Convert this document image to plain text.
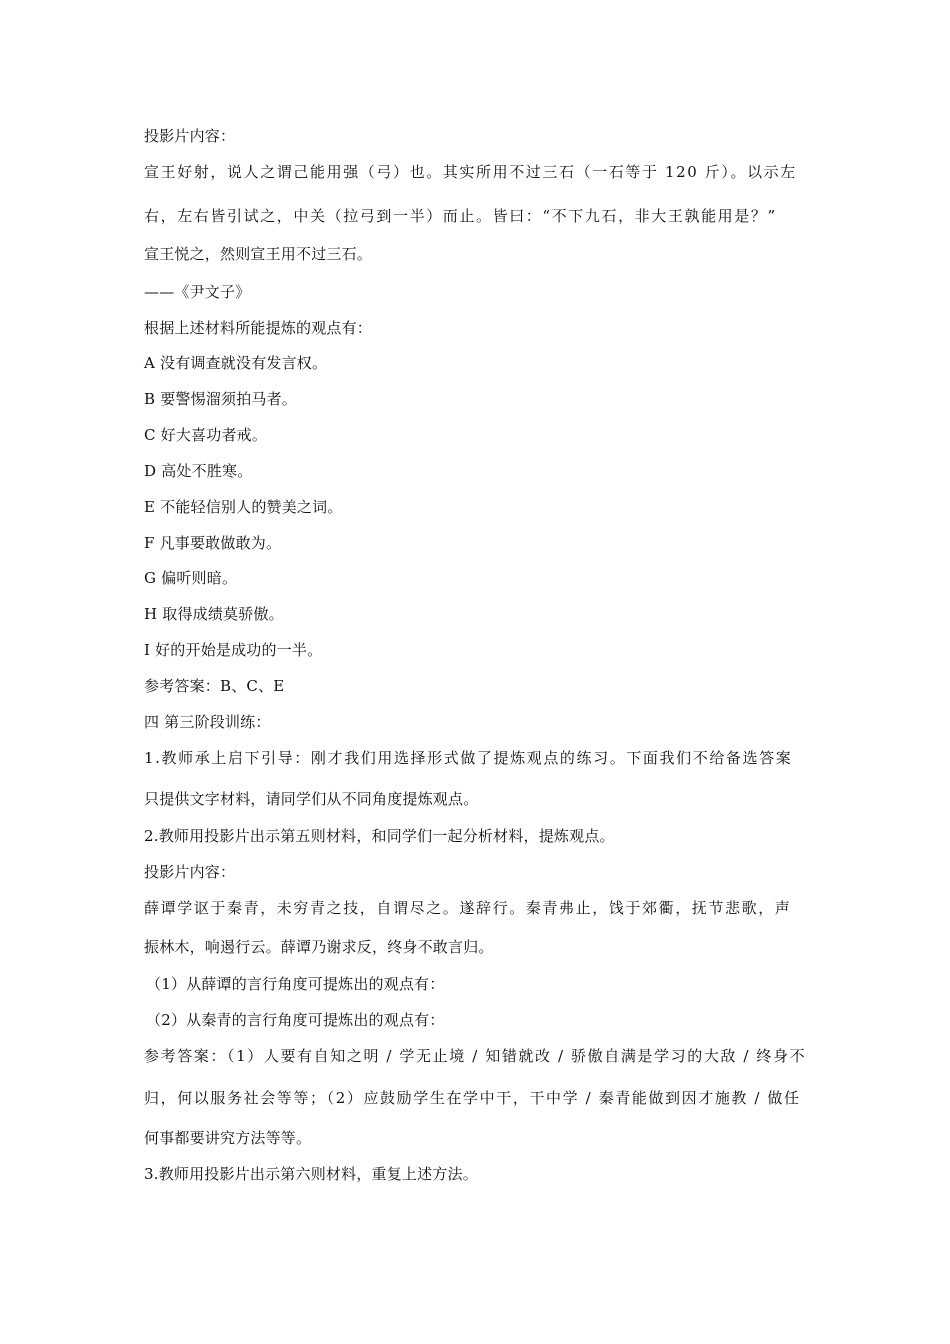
投影片内容：
宣王好射，说人之谓己能用强（弓）也。其实所用不过三石（一石等于 120 斤）。以示左
右，左右皆引试之，中关（拉弓到一半）而止。皆曰：“不下九石，非大王孰能用是？”
宣王悦之，然则宣王用不过三石。
——《尹文子》
根据上述材料所能提炼的观点有：
A 没有调查就没有发言权。
B 要警惕溜须拍马者。
C 好大喜功者戒。
D 高处不胜寒。
E 不能轻信别人的赞美之词。
F 凡事要敢做敢为。
G 偏听则暗。
H 取得成绩莫骄傲。
I 好的开始是成功的一半。
参考答案：B、C、E
四 第三阶段训练：
1.教师承上启下引导：刚才我们用选择形式做了提炼观点的练习。下面我们不给备选答案
只提供文字材料，请同学们从不同角度提炼观点。
2.教师用投影片出示第五则材料，和同学们一起分析材料，提炼观点。
投影片内容：
薛谭学讴于秦青，未穷青之技，自谓尽之。遂辞行。秦青弗止，饯于郊衢，抚节悲歌，声
振林木，响遏行云。薛谭乃谢求反，终身不敢言归。
（1）从薛谭的言行角度可提炼出的观点有：
（2）从秦青的言行角度可提炼出的观点有：
参考答案：（1）人要有自知之明 / 学无止境 / 知错就改 / 骄傲自满是学习的大敌 / 终身不
归，何以服务社会等等；（2）应鼓励学生在学中干，干中学 / 秦青能做到因才施教 / 做任
何事都要讲究方法等等。
3.教师用投影片出示第六则材料，重复上述方法。
